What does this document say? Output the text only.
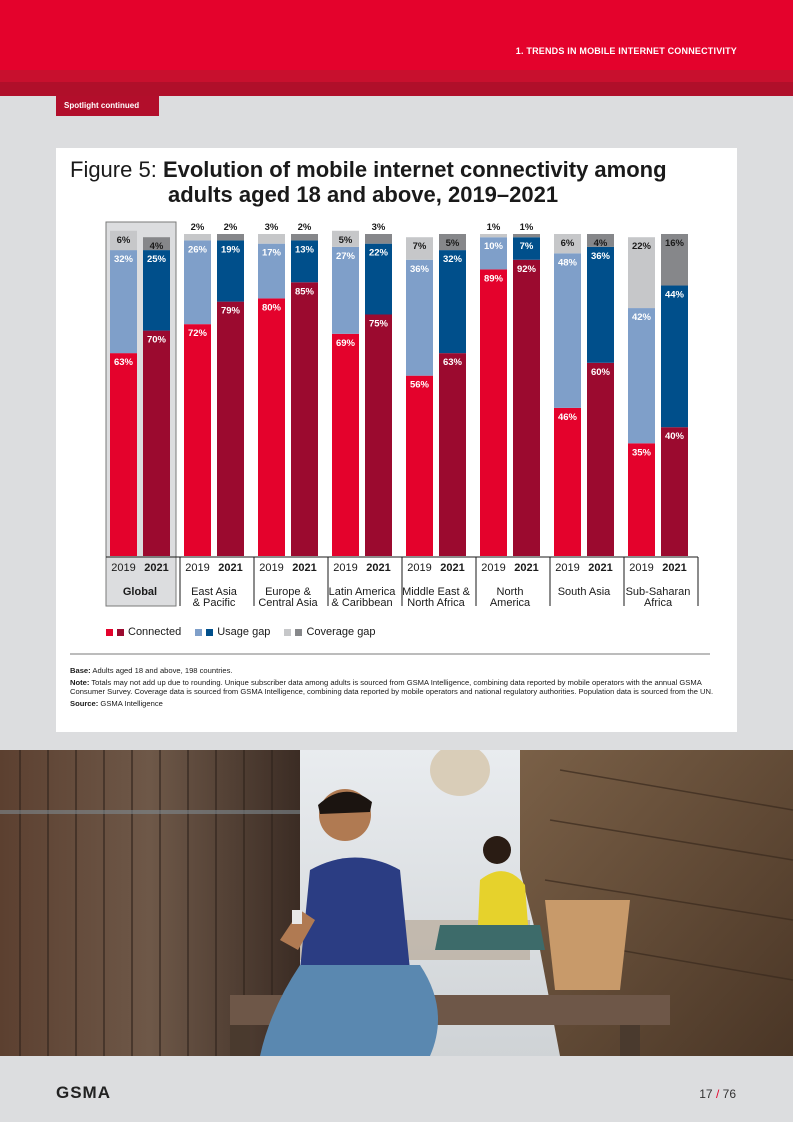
1. TRENDS IN MOBILE INTERNET CONNECTIVITY
Spotlight continued
Figure 5: Evolution of mobile internet connectivity among
adults aged 18 and above, 2019–2021
63%
32%
6%
2019
70%
25%
4%
2021
Global
72%
26%
2%
2019
79%
19%
2%
2021
East Asia
& Pacific
80%
17%
3%
2019
85%
13%
2%
2021
Europe &
Central Asia
69%
27%
5%
2019
75%
22%
3%
2021
Latin America
& Caribbean
56%
36%
7%
2019
63%
32%
5%
2021
Middle East &
North Africa
89%
10%
1%
2019
92%
7%
1%
2021
North
America
46%
48%
6%
2019
60%
36%
4%
2021
South Asia
35%
42%
22%
2019
40%
44%
16%
2021
Sub-Saharan
Africa
Connected	Usage gap	Coverage gap

Base: Adults aged 18 and above, 198 countries.

Note: Totals may not add up due to rounding. Unique subscriber data among adults is sourced from GSMA Intelligence, combining data reported by mobile operators with the annual GSMA Consumer Survey. Coverage data is sourced from GSMA Intelligence, combining data reported by mobile operators and national regulatory authorities. Population data is sourced from the UN.

Source: GSMA Intelligence

GSMA	17 / 76
